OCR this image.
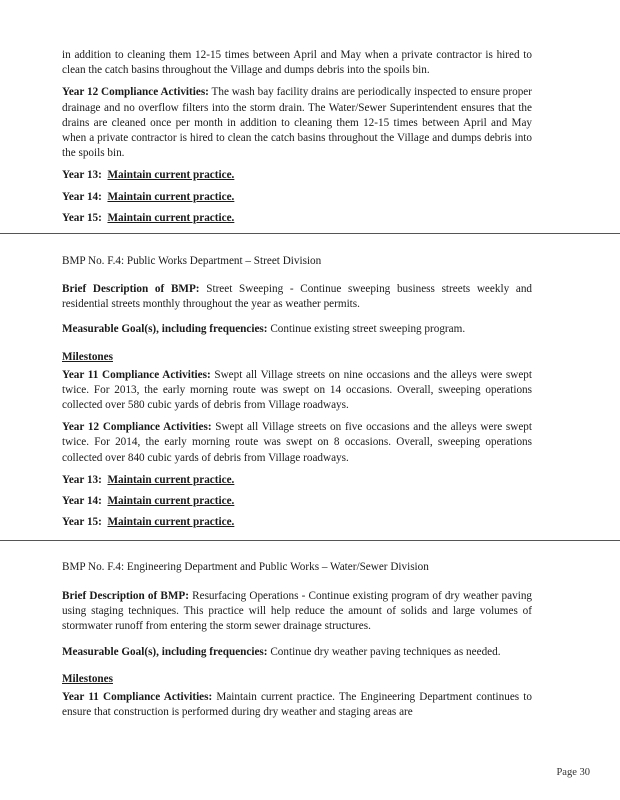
in addition to cleaning them 12-15 times between April and May when a private contractor is hired to clean the catch basins throughout the Village and dumps debris into the spoils bin.

Year 12 Compliance Activities: The wash bay facility drains are periodically inspected to ensure proper drainage and no overflow filters into the storm drain. The Water/Sewer Superintendent ensures that the drains are cleaned once per month in addition to cleaning them 12-15 times between April and May when a private contractor is hired to clean the catch basins throughout the Village and dumps debris into the spoils bin.

Year 13: Maintain current practice.

Year 14: Maintain current practice.

Year 15: Maintain current practice.

BMP No. F.4: Public Works Department – Street Division

Brief Description of BMP: Street Sweeping - Continue sweeping business streets weekly and residential streets monthly throughout the year as weather permits.

Measurable Goal(s), including frequencies: Continue existing street sweeping program.

Milestones

Year 11 Compliance Activities: Swept all Village streets on nine occasions and the alleys were swept twice. For 2013, the early morning route was swept on 14 occasions. Overall, sweeping operations collected over 580 cubic yards of debris from Village roadways.

Year 12 Compliance Activities: Swept all Village streets on five occasions and the alleys were swept twice. For 2014, the early morning route was swept on 8 occasions. Overall, sweeping operations collected over 840 cubic yards of debris from Village roadways.

Year 13: Maintain current practice.

Year 14: Maintain current practice.

Year 15: Maintain current practice.

BMP No. F.4: Engineering Department and Public Works – Water/Sewer Division

Brief Description of BMP: Resurfacing Operations - Continue existing program of dry weather paving using staging techniques. This practice will help reduce the amount of solids and large volumes of stormwater runoff from entering the storm sewer drainage structures.

Measurable Goal(s), including frequencies: Continue dry weather paving techniques as needed.

Milestones

Year 11 Compliance Activities: Maintain current practice. The Engineering Department continues to ensure that construction is performed during dry weather and staging areas are

Page 30
